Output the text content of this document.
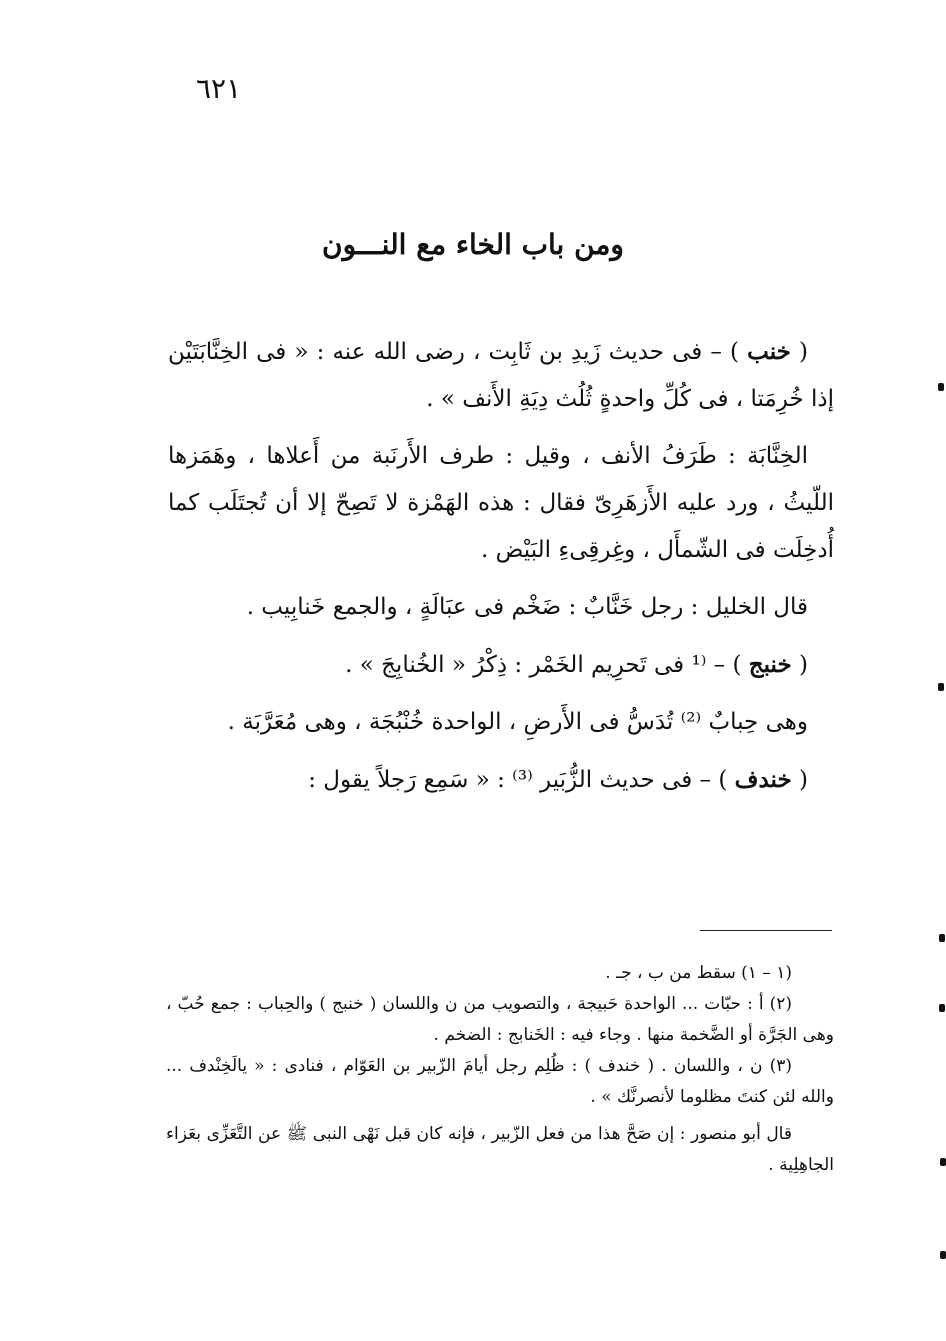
٦٢١
ومن باب الخاء مع النـــون

( خنب ) – فى حديث زَيدِ بن ثَابِت ، رضى الله عنه : « فى الخِنَّابَتَيْن إذا خُرِمَتا ، فى كُلِّ واحدةٍ ثُلُث دِيَةِ الأَنف » .

الخِنَّابَة : طَرَفُ الأنف ، وقيل : طرف الأَرنَبة من أَعلاها ، وهَمَزها اللّيثُ ، ورد عليه الأَزهَرِىّ فقال : هذه الهَمْزة لا تَصِحّ إلا أن تُجتَلَب كما أُدخِلَت فى الشّمأَل ، وغِرقِىءِ البَيْض .

قال الخليل : رجل خَنَّابٌ : ضَخْم فى عبَالَةٍ ، والجمع خَنابِيب .

( خنبج ) – ⁽¹ فى تَحرِيم الخَمْر : ذِكْرُ « الخُنابِجَ » .

وهى حِبابٌ ⁽²⁾ تُدَسُّ فى الأَرضِ ، الواحدة خُنْبُجَة ، وهى مُعَرَّبَة .

( خندف ) – فى حديث الزُّبَير ⁽³⁾ : « سَمِع رَجلاً يقول :

(١ – ١) سقط من ب ، جـ .

(٢) أ : حبّات ... الواحدة حَبيجة ، والتصويب من ن واللسان ( خنبج ) والحِباب : جمع حُبّ ، وهى الجَرَّة أو الضَّخمة منها . وجاء فيه : الخَنابج : الضخم .

(٣) ن ، واللسان . ( خندف ) : ظُلِم رجل أيامَ الزّبير بن العَوّام ، فنادى : « يالَخِنْدف ... والله لئن كنتَ مظلوما لأنصرنَّك » .

قال أبو منصور : إن صَحَّ هذا من فعل الزّبير ، فإنه كان قبل نَهْى النبى ﷺ عن التَّعَزِّى بعَزاء الجاهِلِية .
